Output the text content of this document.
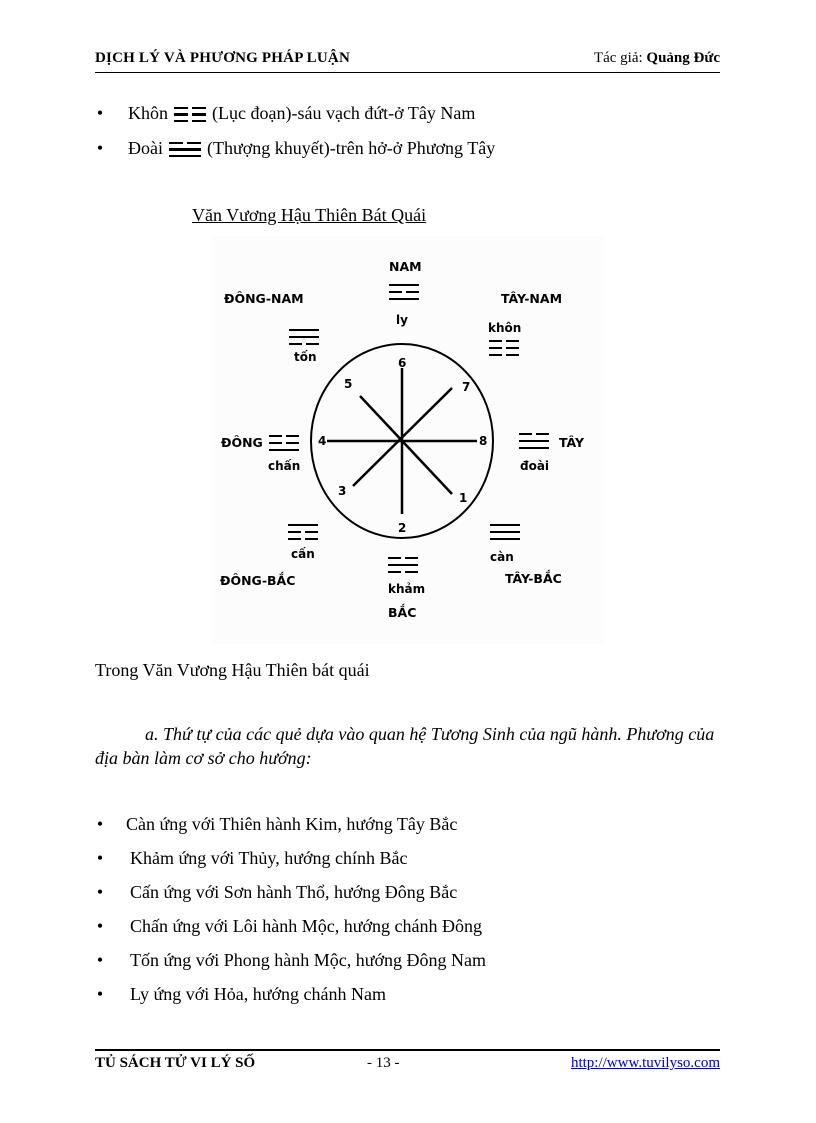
DỊCH LÝ VÀ PHƯƠNG PHÁP LUẬN	Tác giả: Quảng Đức
• Khôn (Lục đoạn)-sáu vạch đứt-ở Tây Nam
• Đoài (Thượng khuyết)-trên hở-ở Phương Tây
Văn Vương Hậu Thiên Bát Quái
6
5	7
4	8
3	1
2
NAM
ĐÔNG-NAM	TÂY-NAM
ĐÔNG	TÂY
ĐÔNG-BẮC	TÂY-BẮC
BẮC
ly
tốn
khôn
chấn	đoài
cấn
khảm
càn
Trong Văn Vương Hậu Thiên bát quái
a. Thứ tự của các quẻ dựa vào quan hệ Tương Sinh của ngũ hành. Phương của địa bàn làm cơ sở cho hướng:
• Càn ứng với Thiên hành Kim, hướng Tây Bắc
• Khảm ứng với Thủy, hướng chính Bắc
• Cấn ứng với Sơn hành Thổ, hướng Đông Bắc
• Chấn ứng với Lôi hành Mộc, hướng chánh Đông
• Tốn ứng với Phong hành Mộc, hướng Đông Nam
• Ly ứng với Hỏa, hướng chánh Nam
TỦ SÁCH TỬ VI LÝ SỐ	- 13 -	http://www.tuvilyso.com
